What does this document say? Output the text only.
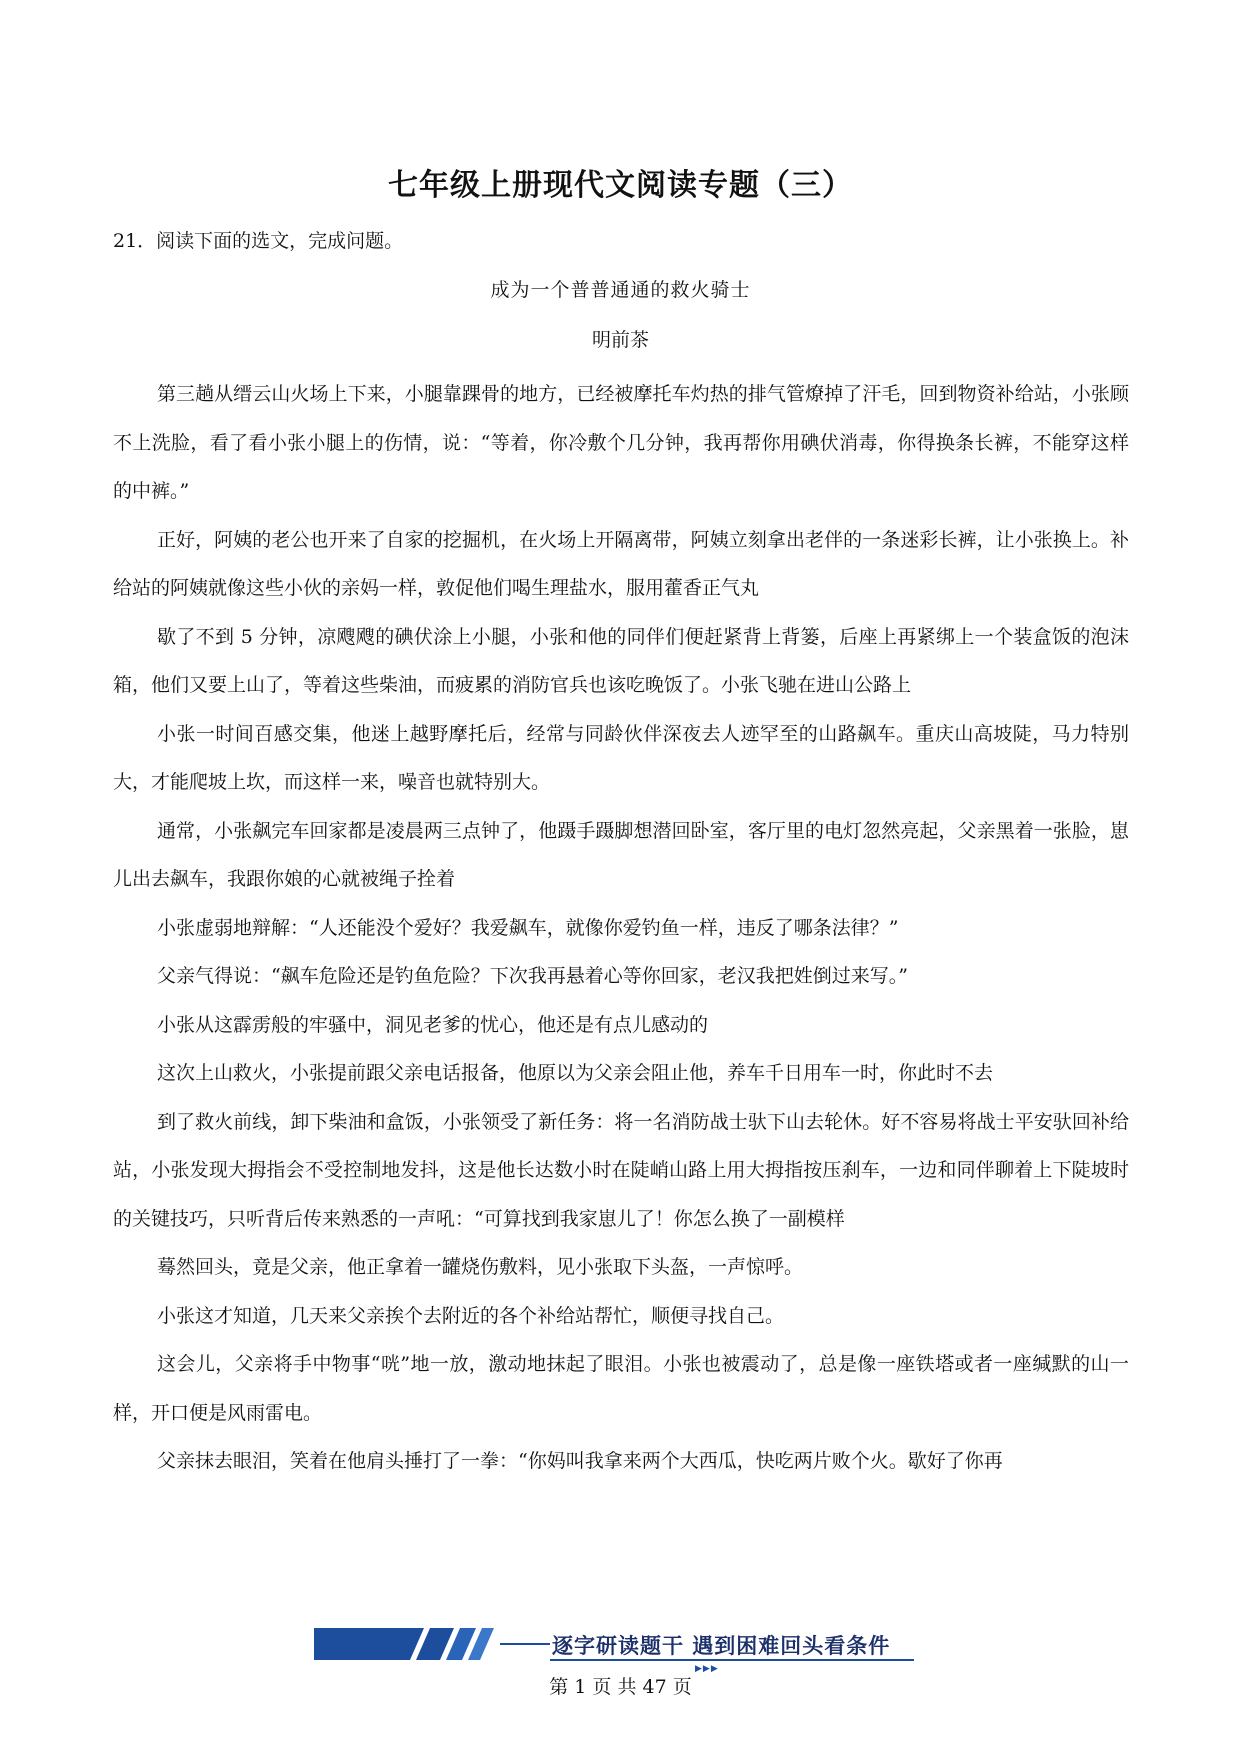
七年级上册现代文阅读专题（三）
21．阅读下面的选文，完成问题。
成为一个普普通通的救火骑士
明前茶

第三趟从缙云山火场上下来，小腿靠踝骨的地方，已经被摩托车灼热的排气管燎掉了汗毛，回到物资补给站，小张顾不上洗脸，看了看小张小腿上的伤情，说：“等着，你冷敷个几分钟，我再帮你用碘伏消毒，你得换条长裤，不能穿这样的中裤。”

正好，阿姨的老公也开来了自家的挖掘机，在火场上开隔离带，阿姨立刻拿出老伴的一条迷彩长裤，让小张换上。补给站的阿姨就像这些小伙的亲妈一样，敦促他们喝生理盐水，服用藿香正气丸

歇了不到 5 分钟，凉飕飕的碘伏涂上小腿，小张和他的同伴们便赶紧背上背篓，后座上再紧绑上一个装盒饭的泡沫箱，他们又要上山了，等着这些柴油，而疲累的消防官兵也该吃晚饭了。小张飞驰在进山公路上

小张一时间百感交集，他迷上越野摩托后，经常与同龄伙伴深夜去人迹罕至的山路飙车。重庆山高坡陡，马力特别大，才能爬坡上坎，而这样一来，噪音也就特别大。

通常，小张飙完车回家都是凌晨两三点钟了，他蹑手蹑脚想潜回卧室，客厅里的电灯忽然亮起，父亲黑着一张脸，崽儿出去飙车，我跟你娘的心就被绳子拴着

小张虚弱地辩解：“人还能没个爱好？我爱飙车，就像你爱钓鱼一样，违反了哪条法律？”

父亲气得说：“飙车危险还是钓鱼危险？下次我再悬着心等你回家，老汉我把姓倒过来写。”

小张从这霹雳般的牢骚中，洞见老爹的忧心，他还是有点儿感动的

这次上山救火，小张提前跟父亲电话报备，他原以为父亲会阻止他，养车千日用车一时，你此时不去

到了救火前线，卸下柴油和盒饭，小张领受了新任务：将一名消防战士驮下山去轮休。好不容易将战士平安驮回补给站，小张发现大拇指会不受控制地发抖，这是他长达数小时在陡峭山路上用大拇指按压刹车，一边和同伴聊着上下陡坡时的关键技巧，只听背后传来熟悉的一声吼：“可算找到我家崽儿了！你怎么换了一副模样

蓦然回头，竟是父亲，他正拿着一罐烧伤敷料，见小张取下头盔，一声惊呼。

小张这才知道，几天来父亲挨个去附近的各个补给站帮忙，顺便寻找自己。

这会儿，父亲将手中物事“咣”地一放，激动地抹起了眼泪。小张也被震动了，总是像一座铁塔或者一座缄默的山一样，开口便是风雨雷电。

父亲抹去眼泪，笑着在他肩头捶打了一拳：“你妈叫我拿来两个大西瓜，快吃两片败个火。歇好了你再

逐字研读题干 遇到困难回头看条件
▶▶▶
第 1 页 共 47 页
